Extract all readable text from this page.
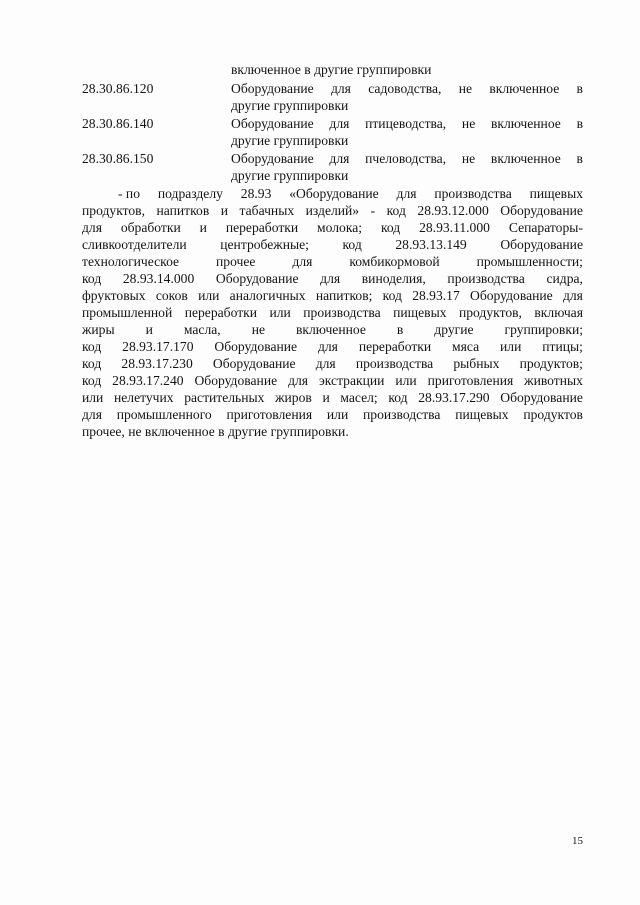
включенное в другие группировки
28.30.86.120	Оборудование для садоводства, не включенное в
другие группировки
28.30.86.140	Оборудование для птицеводства, не включенное в
другие группировки
28.30.86.150	Оборудование для пчеловодства, не включенное в
другие группировки
- по подразделу 28.93 «Оборудование для производства пищевых
продуктов, напитков и табачных изделий» - код 28.93.12.000 Оборудование
для обработки и переработки молока; код 28.93.11.000 Сепараторы-
сливкоотделители центробежные; код 28.93.13.149 Оборудование
технологическое	прочее	для	комбикормовой	промышленности;
код 28.93.14.000 Оборудование для виноделия, производства сидра,
фруктовых соков или аналогичных напитков; код 28.93.17 Оборудование для
промышленной переработки или производства пищевых продуктов, включая
жиры и масла, не включенное в другие группировки;
код 28.93.17.170 Оборудование для переработки мяса или птицы;
код 28.93.17.230 Оборудование для производства рыбных продуктов;
код 28.93.17.240 Оборудование для экстракции или приготовления животных
или нелетучих растительных жиров и масел; код 28.93.17.290 Оборудование
для промышленного приготовления или производства пищевых продуктов
прочее, не включенное в другие группировки.
15
